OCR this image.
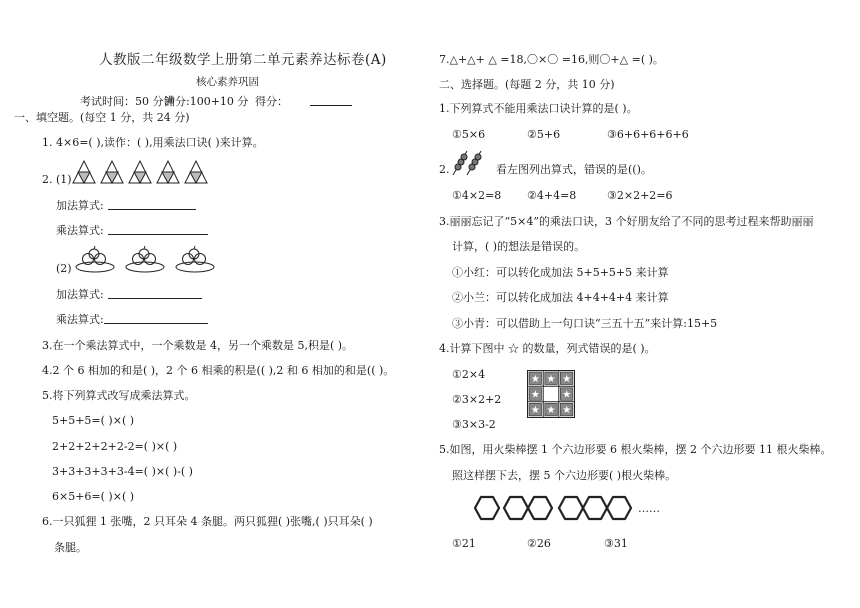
人教版二年级数学上册第二单元素养达标卷(A)
核心素养巩固
考试时间：50 分钟
满分:100+10 分 得分：
一、填空题。(每空 1 分，共 24 分)
1. 4×6=( ),读作：( ),用乘法口诀( )来计算。
2. (1)
加法算式:
乘法算式:
(2)
加法算式:
乘法算式:
3.在一个乘法算式中，一个乘数是 4，另一个乘数是 5,积是( )。
4.2 个 6 相加的和是( )，2 个 6 相乘的积是(( ),2 和 6 相加的和是(( )。
5.将下列算式改写成乘法算式。
5+5+5=( )×( )
2+2+2+2+2-2=( )×( )
3+3+3+3+3-4=( )×( )-( )
6×5+6=( )×( )
6.一只狐狸 1 张嘴，2 只耳朵 4 条腿。两只狐狸( )张嘴,( )只耳朵( )
条腿。
7.△+△+ △ =18,〇×〇 =16,则〇+△ =( )。
二、选择题。(每题 2 分，共 10 分)
1.下列算式不能用乘法口诀计算的是( )。
①5×6	②5+6	③6+6+6+6+6
2.	看左图列出算式，错误的是(()。
①4×2=8 ②4+4=8	③2×2+2=6
3.丽丽忘记了“5×4”的乘法口诀，3 个好朋友给了不同的思考过程来帮助丽丽
计算，( )的想法是错误的。
①小红：可以转化成加法 5+5+5+5 来计算
②小兰：可以转化成加法 4+4+4+4 来计算
③小青：可以借助上一句口诀“三五十五”来计算:15+5
4.计算下图中 ☆ 的数量，列式错误的是( )。
①2×4
②3×2+2
③3×3-2
★ ★ ★
★ ★
★ ★ ★
5.如图，用火柴棒摆 1 个六边形要 6 根火柴棒，摆 2 个六边形要 11 根火柴棒。
照这样摆下去，摆 5 个六边形要( )根火柴棒。
……
①21	②26	③31
